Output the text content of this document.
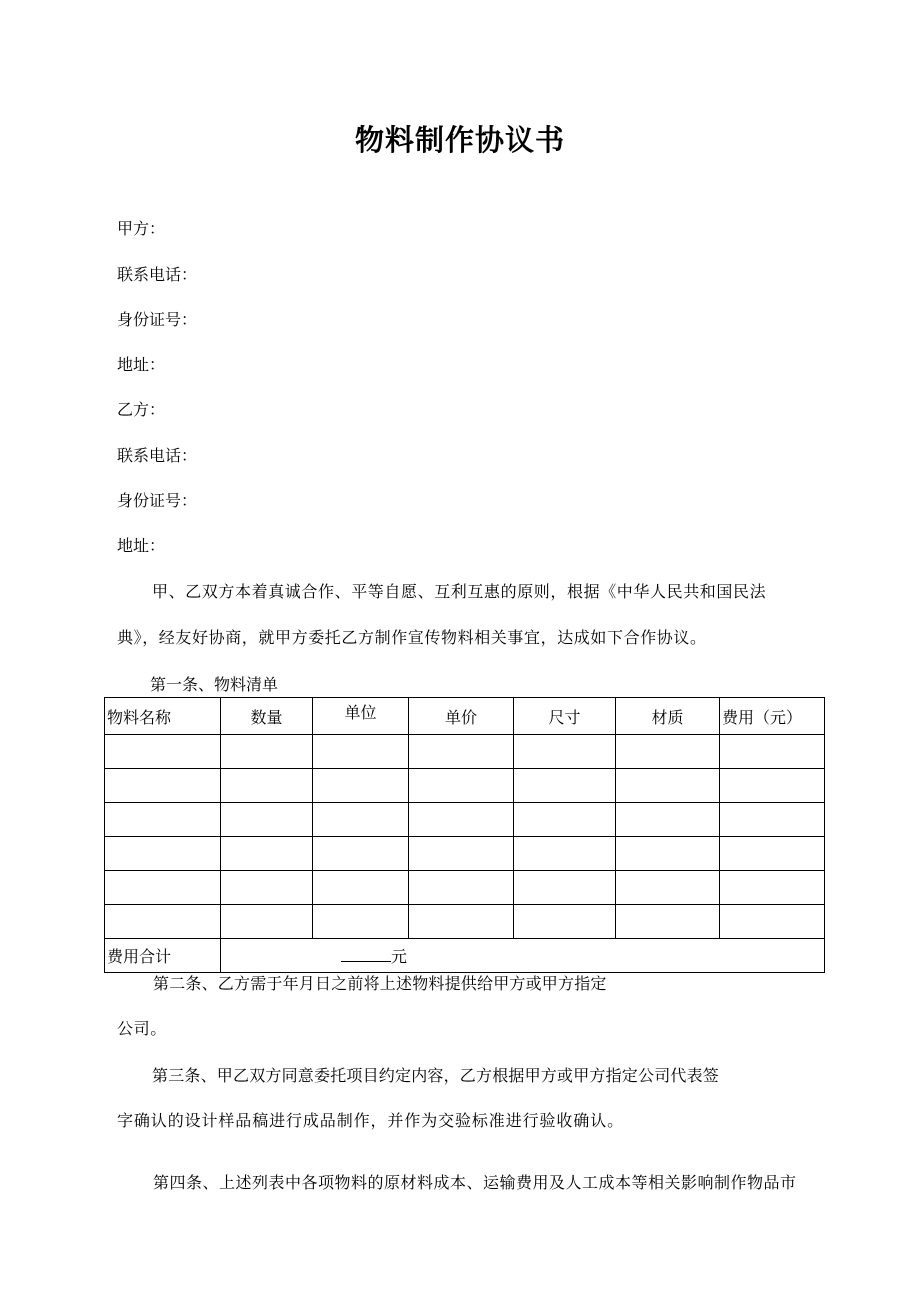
物料制作协议书
甲方：
联系电话：
身份证号：
地址：
乙方：
联系电话：
身份证号：
地址：
甲、乙双方本着真诚合作、平等自愿、互利互惠的原则，根据《中华人民共和国民法
典》，经友好协商，就甲方委托乙方制作宣传物料相关事宜，达成如下合作协议。
第一条、物料清单
物料名称	数量	单位	单价	尺寸	材质	费用（元）

费用合计	元					
第二条、乙方需于年月日之前将上述物料提供给甲方或甲方指定
公司。
第三条、甲乙双方同意委托项目约定内容，乙方根据甲方或甲方指定公司代表签
字确认的设计样品稿进行成品制作，并作为交验标准进行验收确认。
第四条、上述列表中各项物料的原材料成本、运输费用及人工成本等相关影响制作物品市
